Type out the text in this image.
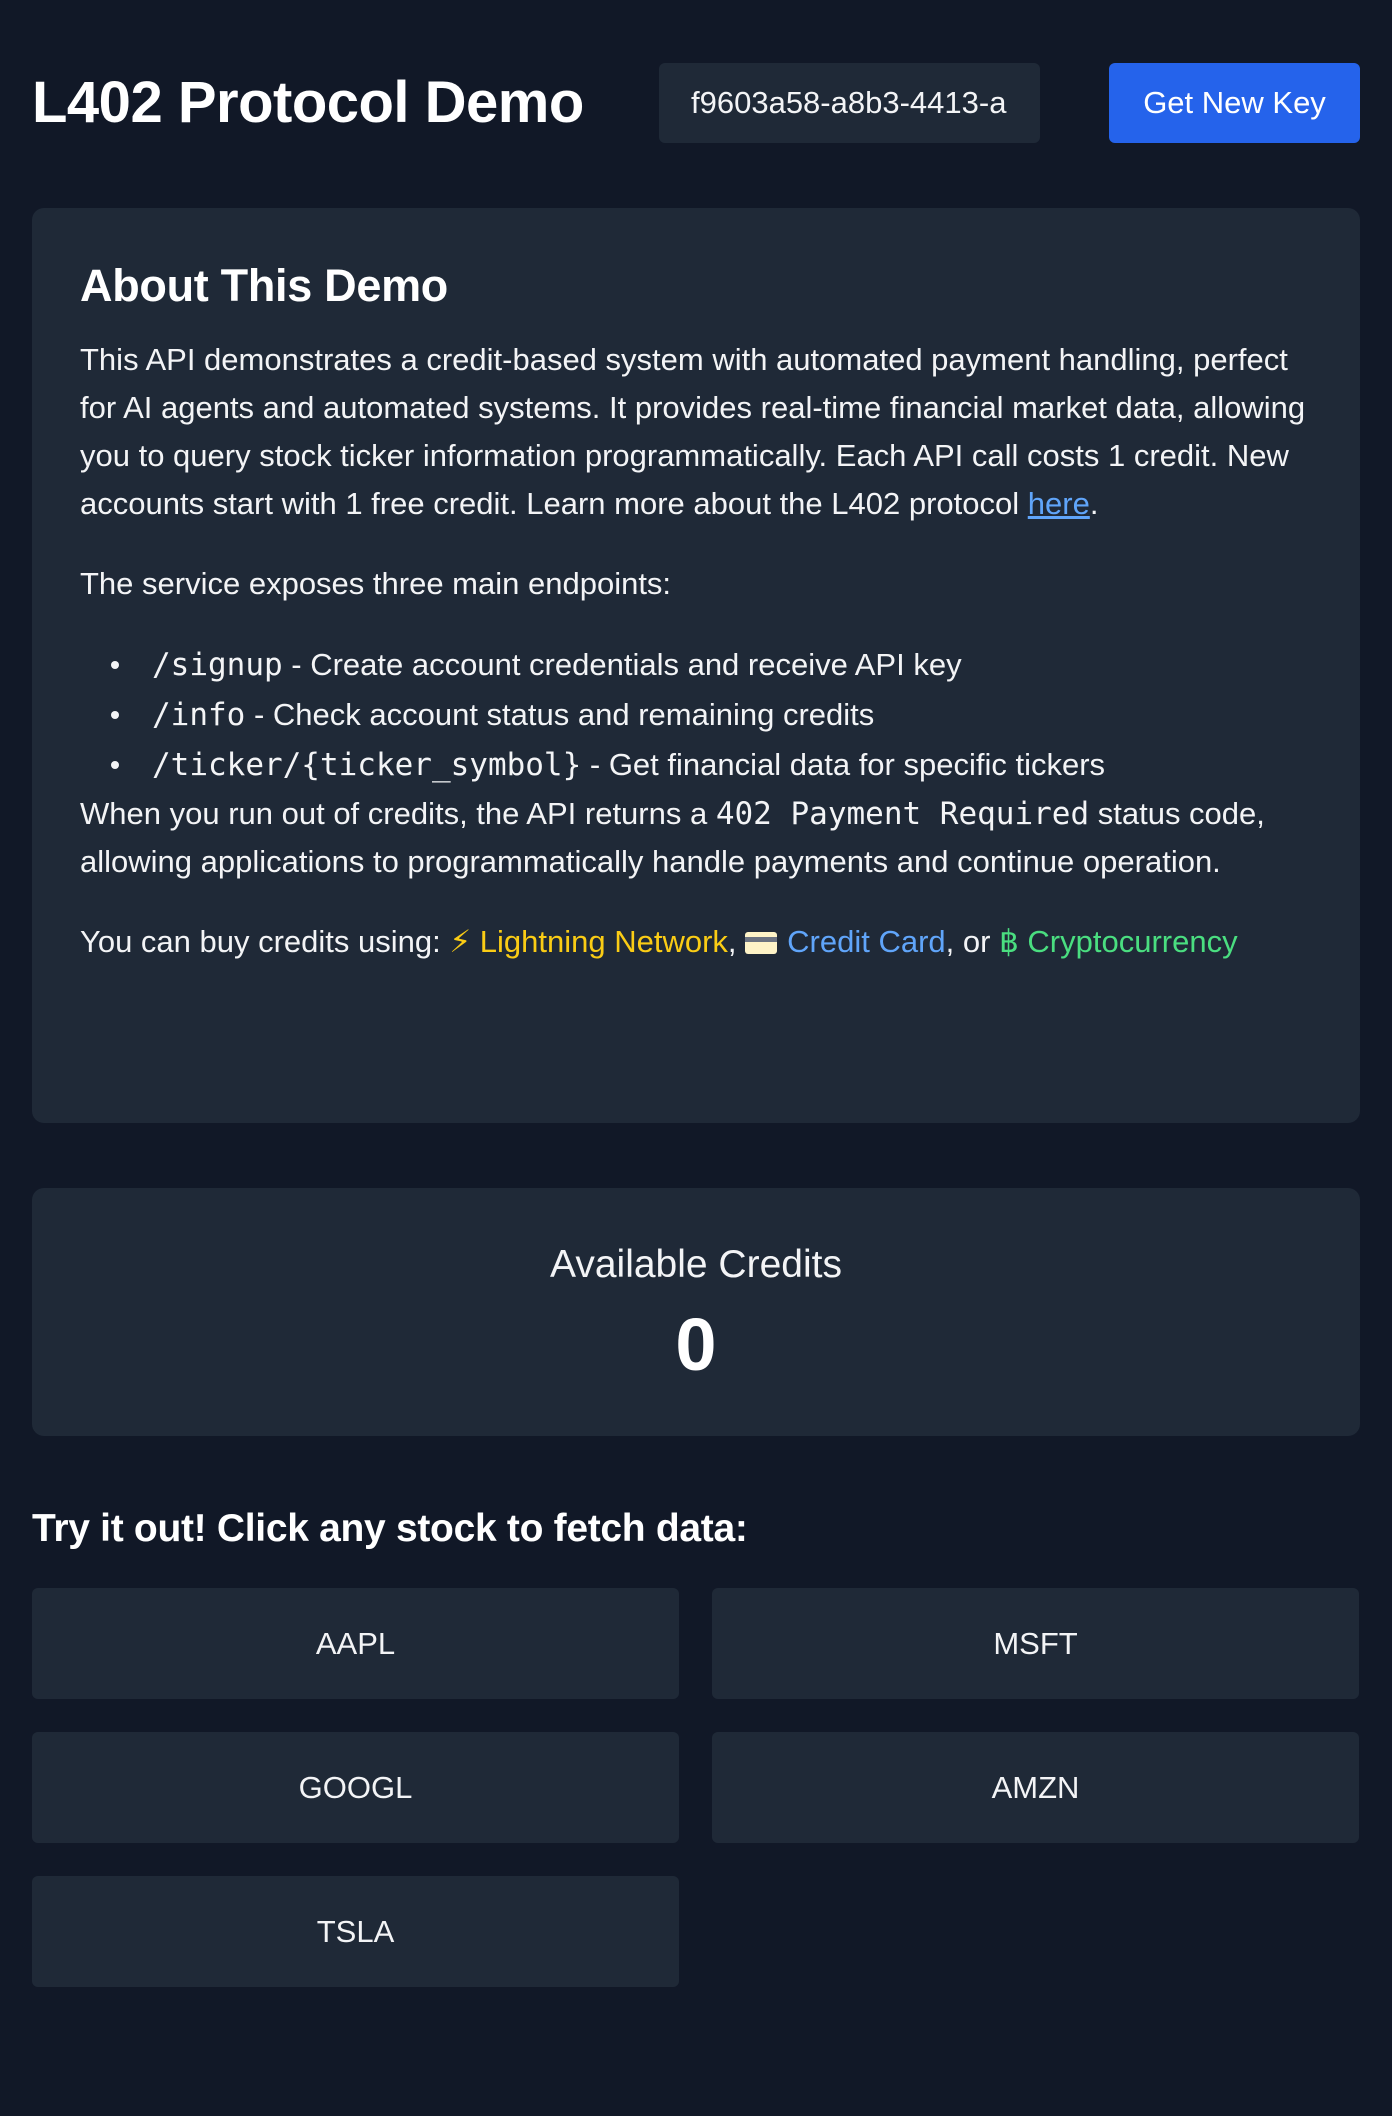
L402 Protocol Demo
f9603a58-a8b3-4413-a	Get New Key
About This Demo

This API demonstrates a credit-based system with automated payment handling, perfect for AI agents and automated systems. It provides real-time financial market data, allowing you to query stock ticker information programmatically. Each API call costs 1 credit. New accounts start with 1 free credit. Learn more about the L402 protocol here.

The service exposes three main endpoints:

/signup - Create account credentials and receive API key
/info - Check account status and remaining credits
/ticker/{ticker_symbol} - Get financial data for specific tickers

When you run out of credits, the API returns a 402 Payment Required status code, allowing applications to programmatically handle payments and continue operation.

You can buy credits using: ⚡ Lightning Network, Credit Card, or ฿ Cryptocurrency

Available Credits
0
Try it out! Click any stock to fetch data:
AAPL	MSFT
GOOGL	AMZN
TSLA
